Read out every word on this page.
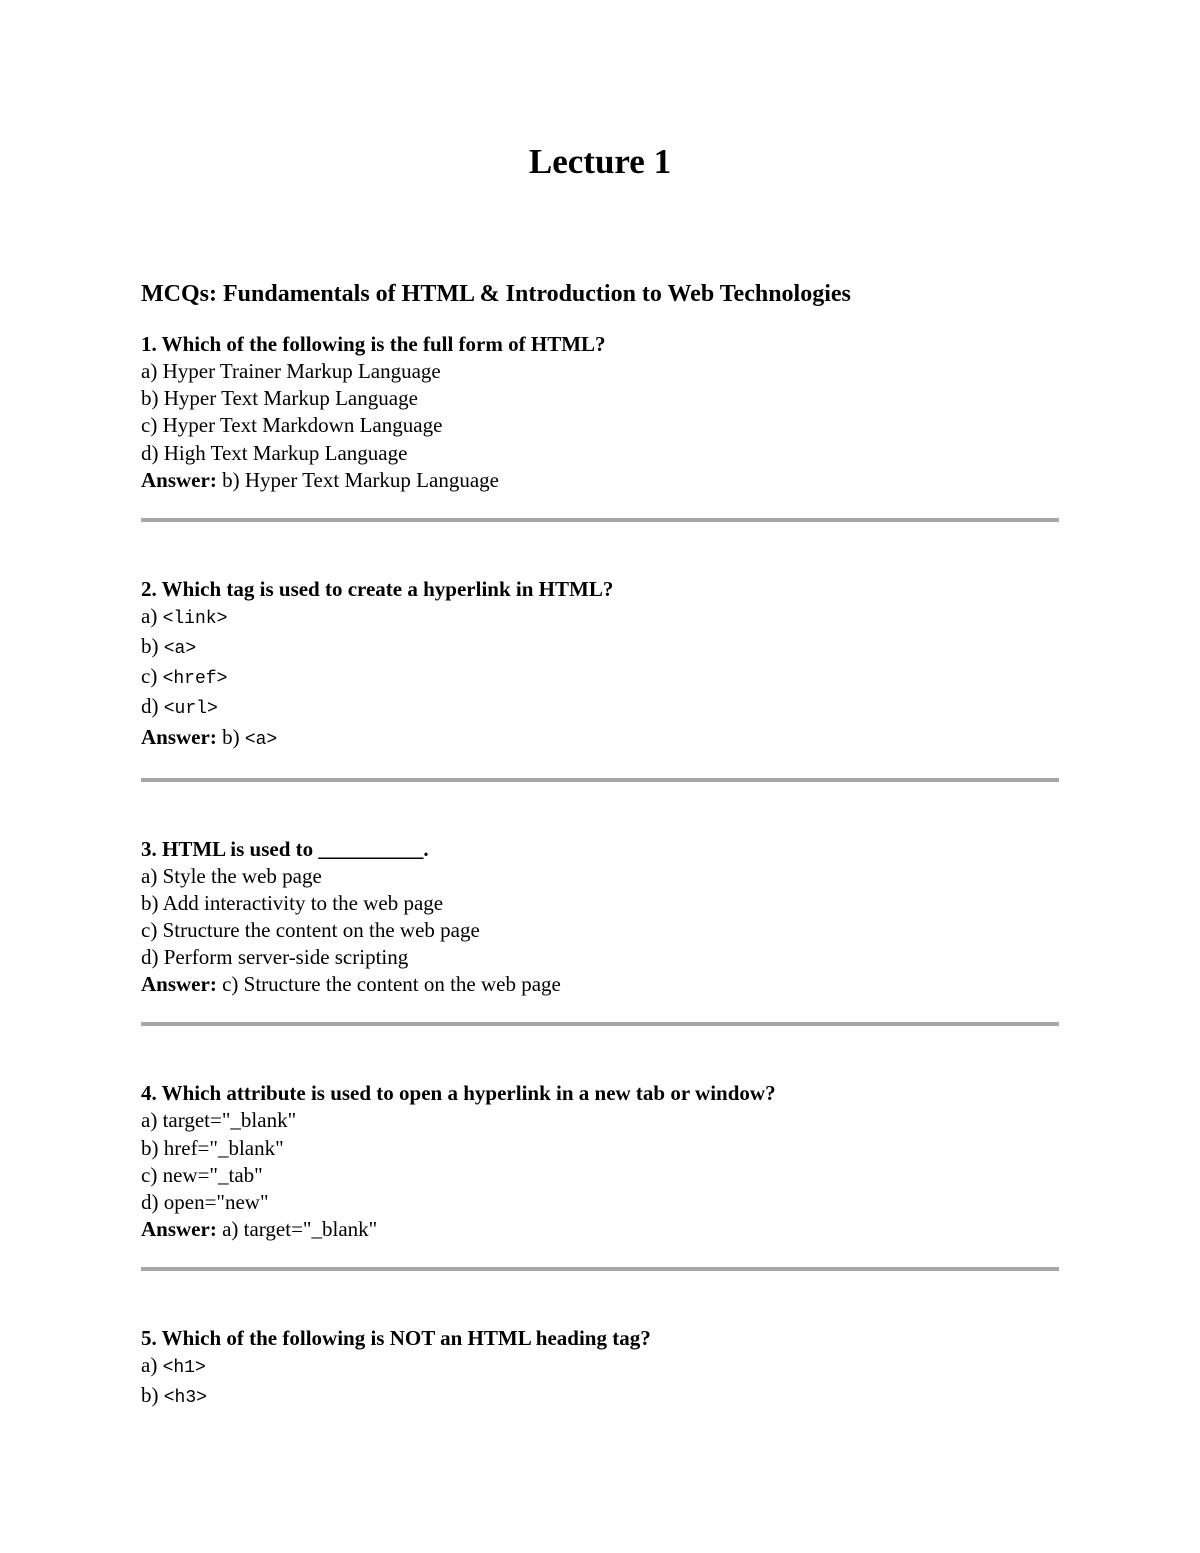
Lecture 1
MCQs: Fundamentals of HTML & Introduction to Web Technologies

1. Which of the following is the full form of HTML?

a) Hyper Trainer Markup Language

b) Hyper Text Markup Language

c) Hyper Text Markdown Language

d) High Text Markup Language

Answer: b) Hyper Text Markup Language

2. Which tag is used to create a hyperlink in HTML?

a) <link>

b) <a>

c) <href>

d) <url>

Answer: b) <a>

3. HTML is used to __________.

a) Style the web page

b) Add interactivity to the web page

c) Structure the content on the web page

d) Perform server-side scripting

Answer: c) Structure the content on the web page

4. Which attribute is used to open a hyperlink in a new tab or window?

a) target="_blank"

b) href="_blank"

c) new="_tab"

d) open="new"

Answer: a) target="_blank"

5. Which of the following is NOT an HTML heading tag?

a) <h1>

b) <h3>
